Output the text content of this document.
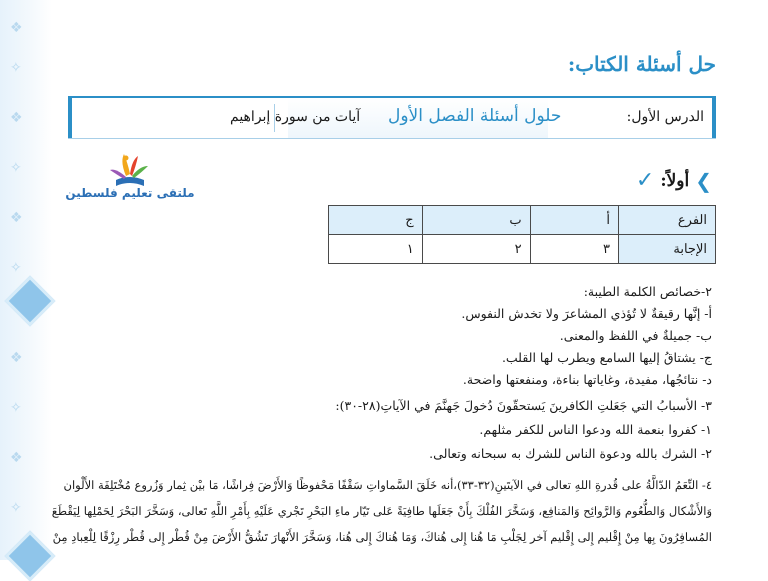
❖
✧
❖
✧
❖
✧
❖
✧
❖
✧
حل أسئلة الكتاب:
الدرس الأول:
حلول أسئلة الفصل الأول
آيات من سورة إبراهيم
ملتقى تعليم فلسطين
❯
أولاً:
✓
الفرع	أ	ب	ج
الإجابة	٣	٢	١
٢-خصائص الكلمة الطيبة:
أ- إنَّها رقيقةٌ لا تُؤذي المشاعرَ ولا تخدش النفوس.
ب- جميلةٌ في اللفظ والمعنى.
ج- يشتاقُ إليها السامع ويطرب لها القلب.
د- نتائجُها، مفيدة، وغاياتها بناءة، ومنفعتها واضحة.
٣- الأسبابُ التي جَعَلتِ الكافرينَ يَستحقّونَ دُخولَ جَهنَّمَ في الآياتِ(٢٨-٣٠):
١- كفروا بنعمة الله ودعوا الناس للكفر مثلهم.
٢- الشرك بالله ودعوة الناس للشرك به سبحانه وتعالى.
٤- النِّعَمُ الدّالَّةُ على قُدرةِ اللهِ تعالى في الآيتَينِ(٣٢-٣٣)،أنه خَلَقَ السَّماواتِ سَقْفًا مَحْفوظًا وَالأَرْضَ فِراشًا، مَا بيْن ثِمار وَزُروع مُخْتَلِفَة الأَلْوان
وَالأَشْكال وَالطُّعُوم وَالرَّوائِح وَالمَنافِع، وَسَخَّرَ الفُلْكَ بِأَنْ جَعَلَها طافِيَةً عَلى تَيّار ماءِ البَحْرِ تَجْري عَلَيْهِ بِأَمْرِ اللَّهِ تَعالى، وَسَخَّرَ البَحْرَ لِحَمْلِها لِيَقْطَعَ
المُسافِرُونَ بِها مِنْ إِقْليم إِلى إِقْليم آخر لِجَلْبِ مَا هُنا إِلى هُناكَ، وَمَا هُناكَ إِلى هُنا، وَسَخَّرَ الأَنْهارَ تَشُقُّ الأَرْضَ مِنْ قُطْر إِلى قُطْر رِزْقًا لِلْعِبادِ مِنْ
